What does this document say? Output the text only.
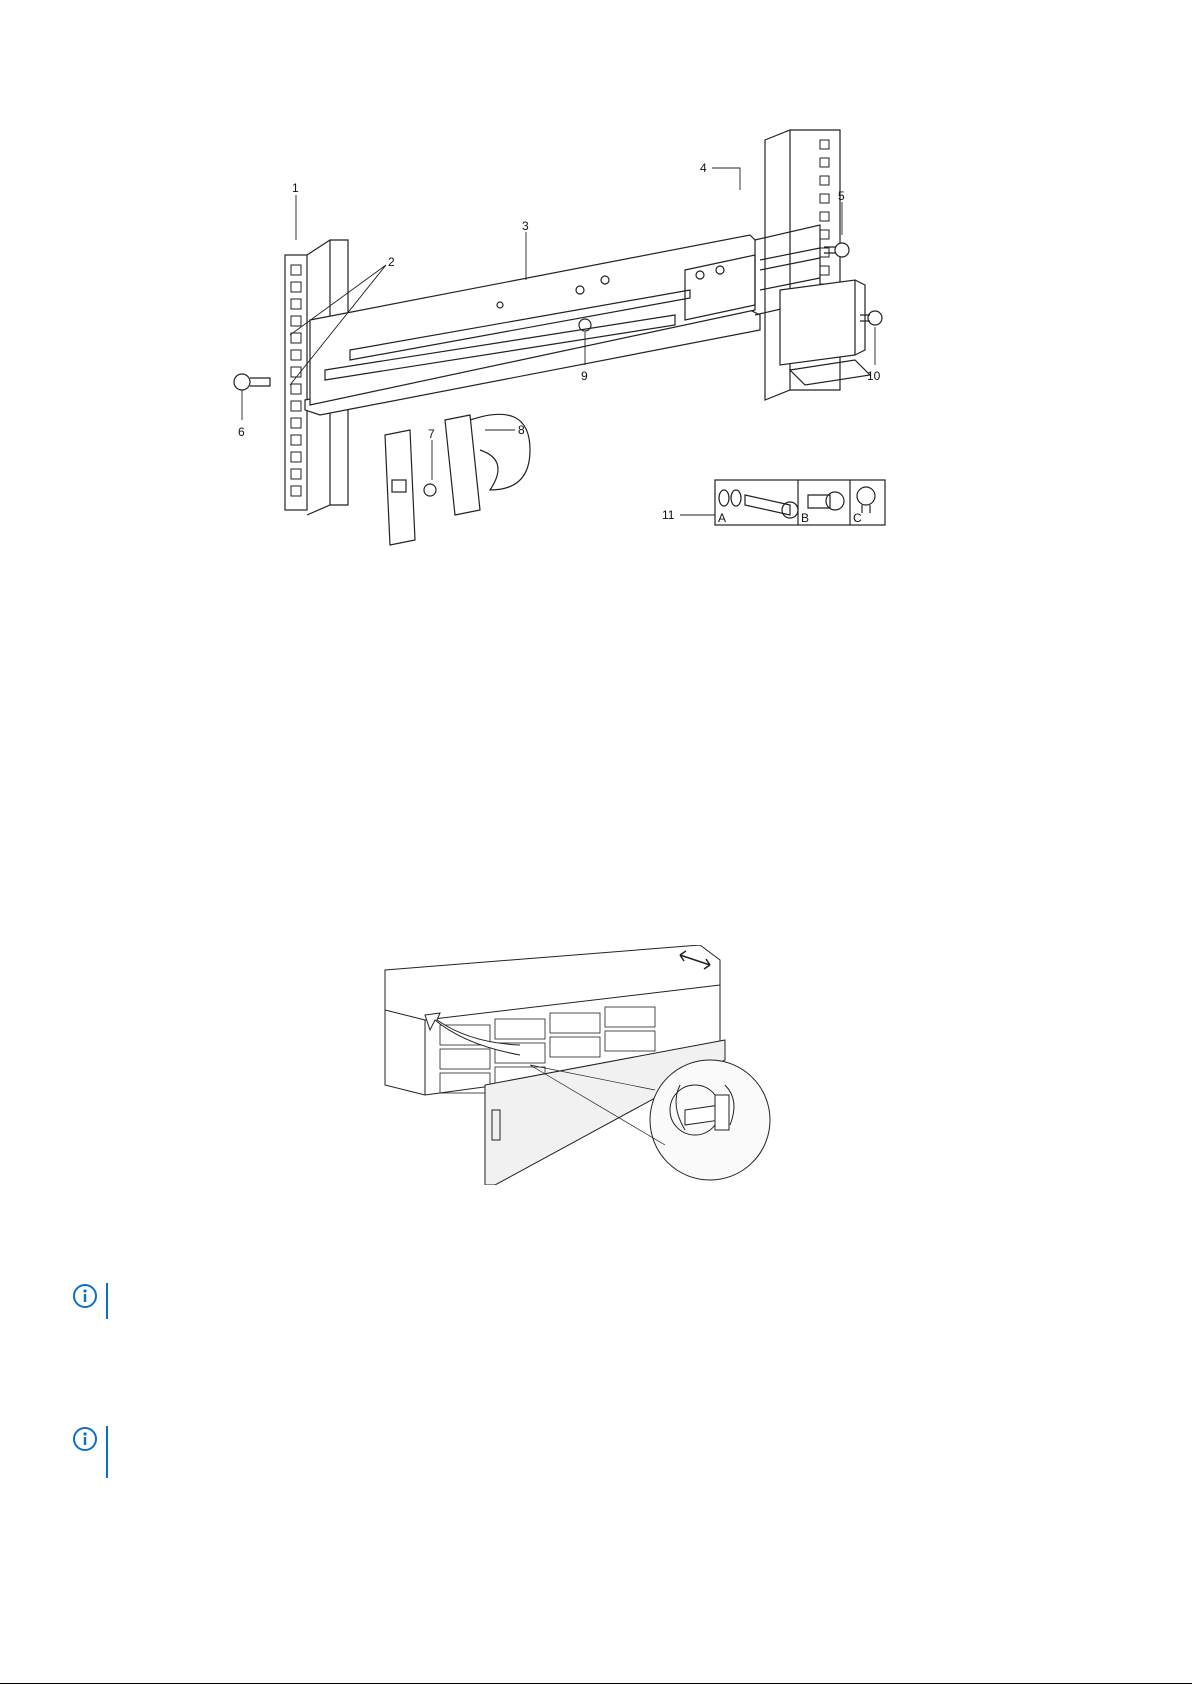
1
2
3
4
5
6	7	8
9	10
11	A	B	C
